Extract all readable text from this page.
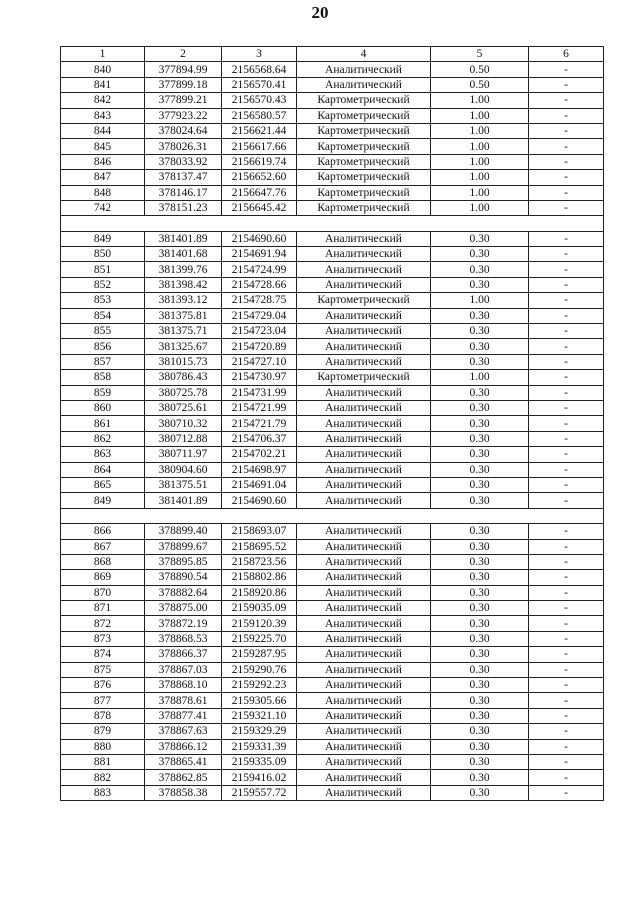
20
1	2	3	4	5	6
840	377894.99	2156568.64	Аналитический	0.50	-
841	377899.18	2156570.41	Аналитический	0.50	-
842	377899.21	2156570.43	Картометрический	1.00	-
843	377923.22	2156580.57	Картометрический	1.00	-
844	378024.64	2156621.44	Картометрический	1.00	-
845	378026.31	2156617.66	Картометрический	1.00	-
846	378033.92	2156619.74	Картометрический	1.00	-
847	378137.47	2156652.60	Картометрический	1.00	-
848	378146.17	2156647.76	Картометрический	1.00	-
742	378151.23	2156645.42	Картометрический	1.00	-

849	381401.89	2154690.60	Аналитический	0.30	-
850	381401.68	2154691.94	Аналитический	0.30	-
851	381399.76	2154724.99	Аналитический	0.30	-
852	381398.42	2154728.66	Аналитический	0.30	-
853	381393.12	2154728.75	Картометрический	1.00	-
854	381375.81	2154729.04	Аналитический	0.30	-
855	381375.71	2154723.04	Аналитический	0.30	-
856	381325.67	2154720.89	Аналитический	0.30	-
857	381015.73	2154727.10	Аналитический	0.30	-
858	380786.43	2154730.97	Картометрический	1.00	-
859	380725.78	2154731.99	Аналитический	0.30	-
860	380725.61	2154721.99	Аналитический	0.30	-
861	380710.32	2154721.79	Аналитический	0.30	-
862	380712.88	2154706.37	Аналитический	0.30	-
863	380711.97	2154702.21	Аналитический	0.30	-
864	380904.60	2154698.97	Аналитический	0.30	-
865	381375.51	2154691.04	Аналитический	0.30	-
849	381401.89	2154690.60	Аналитический	0.30	-

866	378899.40	2158693.07	Аналитический	0.30	-
867	378899.67	2158695.52	Аналитический	0.30	-
868	378895.85	2158723.56	Аналитический	0.30	-
869	378890.54	2158802.86	Аналитический	0.30	-
870	378882.64	2158920.86	Аналитический	0.30	-
871	378875.00	2159035.09	Аналитический	0.30	-
872	378872.19	2159120.39	Аналитический	0.30	-
873	378868.53	2159225.70	Аналитический	0.30	-
874	378866.37	2159287.95	Аналитический	0.30	-
875	378867.03	2159290.76	Аналитический	0.30	-
876	378868.10	2159292.23	Аналитический	0.30	-
877	378878.61	2159305.66	Аналитический	0.30	-
878	378877.41	2159321.10	Аналитический	0.30	-
879	378867.63	2159329.29	Аналитический	0.30	-
880	378866.12	2159331.39	Аналитический	0.30	-
881	378865.41	2159335.09	Аналитический	0.30	-
882	378862.85	2159416.02	Аналитический	0.30	-
883	378858.38	2159557.72	Аналитический	0.30	-
